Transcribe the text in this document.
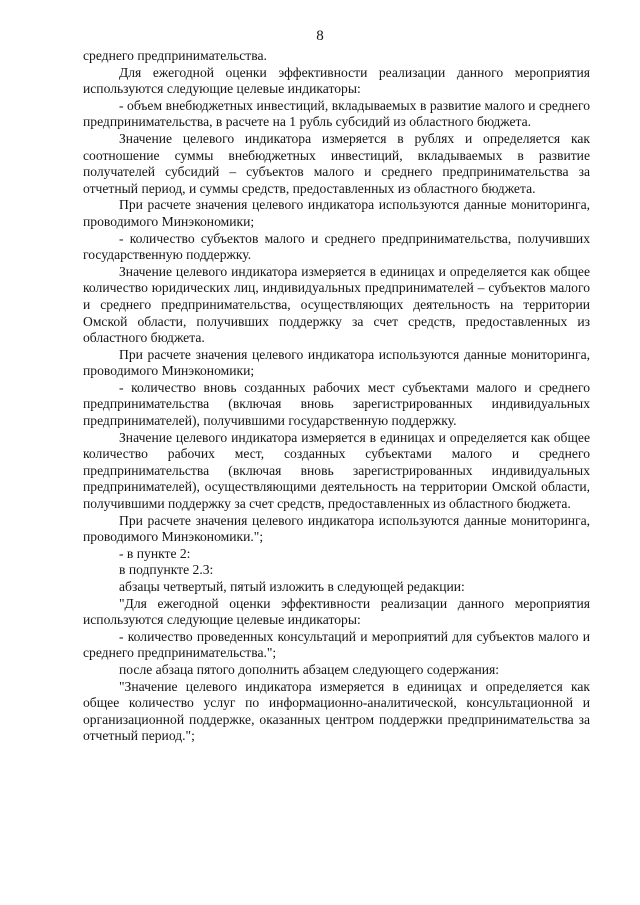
8

среднего предпринимательства.

Для ежегодной оценки эффективности реализации данного мероприятия используются следующие целевые индикаторы:

- объем внебюджетных инвестиций, вкладываемых в развитие малого и среднего предпринимательства, в расчете на 1 рубль субсидий из областного бюджета.

Значение целевого индикатора измеряется в рублях и определяется как соотношение суммы внебюджетных инвестиций, вкладываемых в развитие получателей субсидий – субъектов малого и среднего предпринимательства за отчетный период, и суммы средств, предоставленных из областного бюджета.

При расчете значения целевого индикатора используются данные мониторинга, проводимого Минэкономики;

- количество субъектов малого и среднего предпринимательства, получивших государственную поддержку.

Значение целевого индикатора измеряется в единицах и определяется как общее количество юридических лиц, индивидуальных предпринимателей – субъектов малого и среднего предпринимательства, осуществляющих деятельность на территории Омской области, получивших поддержку за счет средств, предоставленных из областного бюджета.

При расчете значения целевого индикатора используются данные мониторинга, проводимого Минэкономики;

- количество вновь созданных рабочих мест субъектами малого и среднего предпринимательства (включая вновь зарегистрированных индивидуальных предпринимателей), получившими государственную поддержку.

Значение целевого индикатора измеряется в единицах и определяется как общее количество рабочих мест, созданных субъектами малого и среднего предпринимательства (включая вновь зарегистрированных индивидуальных предпринимателей), осуществляющими деятельность на территории Омской области, получившими поддержку за счет средств, предоставленных из областного бюджета.

При расчете значения целевого индикатора используются данные мониторинга, проводимого Минэкономики.";

- в пункте 2:

в подпункте 2.3:

абзацы четвертый, пятый изложить в следующей редакции:

"Для ежегодной оценки эффективности реализации данного мероприятия используются следующие целевые индикаторы:

- количество проведенных консультаций и мероприятий для субъектов малого и среднего предпринимательства.";

после абзаца пятого дополнить абзацем следующего содержания:

"Значение целевого индикатора измеряется в единицах и определяется как общее количество услуг по информационно-аналитической, консультационной и организационной поддержке, оказанных центром поддержки предпринимательства за отчетный период.";
